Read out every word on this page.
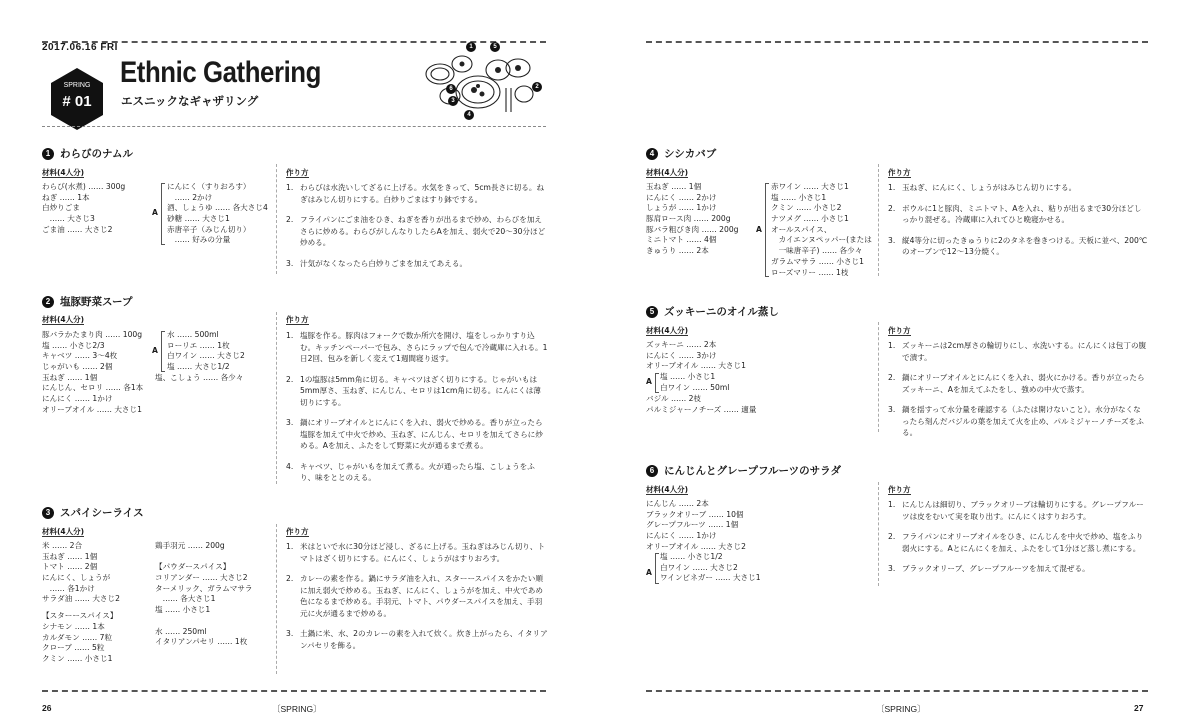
2017.06.16 FRI
SPRING
# 01
Ethnic Gathering
エスニックなギャザリング
1
2
3
4
5
6
1 わらびのナムル
材料(4人分)
わらび(水煮) …… 300g
ねぎ …… 1本
白炒りごま
　…… 大さじ3
ごま油 …… 大さじ2
A
にんにく（すりおろす）
　…… 2かけ
酒、しょうゆ …… 各大さじ4
砂糖 …… 大さじ1
赤唐辛子（みじん切り）
　…… 好みの分量
作り方
1. わらびは水洗いしてざるに上げる。水気をきって、5cm長さに切る。ねぎはみじん切りにする。白炒りごまはすり鉢でする。
2. フライパンにごま油をひき、ねぎを香りが出るまで炒め、わらびを加えさらに炒める。わらびがしんなりしたらAを加え、弱火で20〜30分ほど炒める。
3. 汁気がなくなったら白炒りごまを加えてあえる。
2 塩豚野菜スープ
材料(4人分)
豚バラかたまり肉 …… 100g
塩 …… 小さじ2/3
キャベツ …… 3〜4枚
じゃがいも …… 2個
玉ねぎ …… 1個
にんじん、セロリ …… 各1本
にんにく …… 1かけ
オリーブオイル …… 大さじ1
A
水 …… 500ml
ローリエ …… 1枚
白ワイン …… 大さじ2
塩 …… 大さじ1/2
塩、こしょう …… 各少々
作り方
1. 塩豚を作る。豚肉はフォークで数か所穴を開け、塩をしっかりすり込む。キッチンペーパーで包み、さらにラップで包んで冷蔵庫に入れる。1日2回、包みを新しく変えて1週間寝り返す。
2. 1の塩豚は5mm角に切る。キャベツはざく切りにする。じゃがいもは5mm厚さ、玉ねぎ、にんじん、セロリは1cm角に切る。にんにくは薄切りにする。
3. 鍋にオリーブオイルとにんにくを入れ、弱火で炒める。香りが立ったら塩豚を加えて中火で炒め、玉ねぎ、にんじん、セロリを加えてさらに炒める。Aを加え、ふたをして野菜に火が通るまで煮る。
4. キャベツ、じゃがいもを加えて煮る。火が通ったら塩、こしょうをふり、味をととのえる。
3 スパイシーライス
材料(4人分)
米 …… 2合
玉ねぎ …… 1個
トマト …… 2個
にんにく、しょうが
　…… 各1かけ
サラダ油 …… 大さじ2
【スターースパイス】
シナモン …… 1本
カルダモン …… 7粒
クローブ …… 5粒
クミン …… 小さじ1
鶏手羽元 …… 200g
【パウダースパイス】
コリアンダー …… 大さじ2
ターメリック、ガラムマサラ
　…… 各大さじ1
塩 …… 小さじ1
水 …… 250ml
イタリアンパセリ …… 1枚
作り方
1. 米はといで水に30分ほど浸し、ざるに上げる。玉ねぎはみじん切り、トマトはざく切りにする。にんにく、しょうがはすりおろす。
2. カレーの素を作る。鍋にサラダ油を入れ、スターースパイスをかたい順に加え弱火で炒める。玉ねぎ、にんにく、しょうがを加え、中火であめ色になるまで炒める。手羽元、トマト、パウダースパイスを加え、手羽元に火が通るまで炒める。
3. 土鍋に米、水、2のカレーの素を入れて炊く。炊き上がったら、イタリアンパセリを飾る。
4 シシカバブ
材料(4人分)
玉ねぎ …… 1個
にんにく …… 2かけ
しょうが …… 1かけ
豚肩ロース肉 …… 200g
豚バラ粗びき肉 …… 200g
ミニトマト …… 4個
きゅうり …… 2本
A
赤ワイン …… 大さじ1
塩 …… 小さじ1
クミン …… 小さじ2
ナツメグ …… 小さじ1
オールスパイス、
　カイエンヌペッパー(または
　一味唐辛子) …… 各少々
ガラムマサラ …… 小さじ1
ローズマリー …… 1枝
作り方
1. 玉ねぎ、にんにく、しょうがはみじん切りにする。
2. ボウルに1と豚肉、ミニトマト、Aを入れ、粘りが出るまで30分ほどしっかり混ぜる。冷蔵庫に入れてひと晩寝かせる。
3. 縦4等分に切ったきゅうりに2のタネを巻きつける。天板に並べ、200℃のオーブンで12〜13分焼く。
5 ズッキーニのオイル蒸し
材料(4人分)
ズッキーニ …… 2本
にんにく …… 3かけ
オリーブオイル …… 大さじ1
A
塩 …… 小さじ1
白ワイン …… 50ml
バジル …… 2枝
パルミジャーノチーズ …… 適量
作り方
1. ズッキーニは2cm厚さの輪切りにし、水洗いする。にんにくは包丁の腹で潰す。
2. 鍋にオリーブオイルとにんにくを入れ、弱火にかける。香りが立ったらズッキーニ、Aを加えてふたをし、強めの中火で蒸す。
3. 鍋を揺すって水分量を確認する（ふたは開けないこと）。水分がなくなったら刻んだバジルの葉を加えて火を止め、パルミジャーノチーズをふる。
6 にんじんとグレープフルーツのサラダ
材料(4人分)
にんじん …… 2本
ブラックオリーブ …… 10個
グレープフルーツ …… 1個
にんにく …… 1かけ
オリーブオイル …… 大さじ2
A
塩 …… 小さじ1/2
白ワイン …… 大さじ2
ワインビネガー …… 大さじ1
作り方
1. にんじんは細切り、ブラックオリーブは輪切りにする。グレープフルーツは皮をむいて実を取り出す。にんにくはすりおろす。
2. フライパンにオリーブオイルをひき、にんじんを中火で炒め、塩をふり弱火にする。Aとにんにくを加え、ふたをして1分ほど蒸し煮にする。
3. ブラックオリーブ、グレープフルーツを加えて混ぜる。
26	〔SPRING〕	〔SPRING〕	27
